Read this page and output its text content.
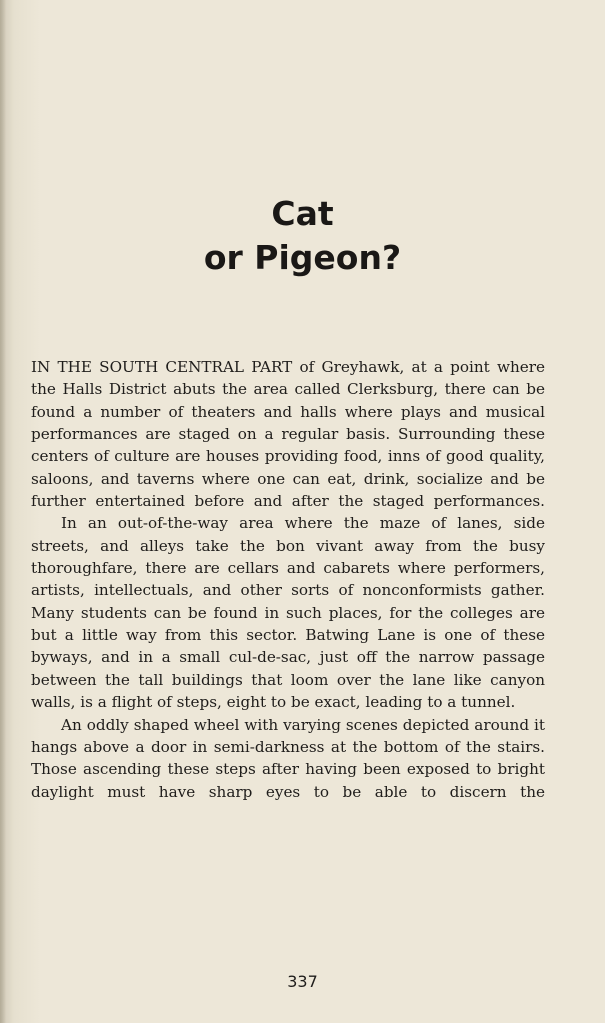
Cat
or Pigeon?

IN THE SOUTH CENTRAL PART of Greyhawk, at a point where the Halls District abuts the area called Clerksburg, there can be found a number of theaters and halls where plays and musical performances are staged on a regular basis. Surrounding these centers of culture are houses providing food, inns of good quality, saloons, and taverns where one can eat, drink, socialize and be further entertained before and after the staged performances.

In an out-of-the-way area where the maze of lanes, side streets, and alleys take the bon vivant away from the busy thoroughfare, there are cellars and cabarets where performers, artists, intellectuals, and other sorts of nonconformists gather. Many students can be found in such places, for the colleges are but a little way from this sector. Batwing Lane is one of these byways, and in a small cul-de-sac, just off the narrow passage between the tall buildings that loom over the lane like canyon walls, is a flight of steps, eight to be exact, leading to a tunnel.

An oddly shaped wheel with varying scenes depicted around it hangs above a door in semi-darkness at the bottom of the stairs. Those ascending these steps after having been exposed to bright daylight must have sharp eyes to be able to discern the

337
